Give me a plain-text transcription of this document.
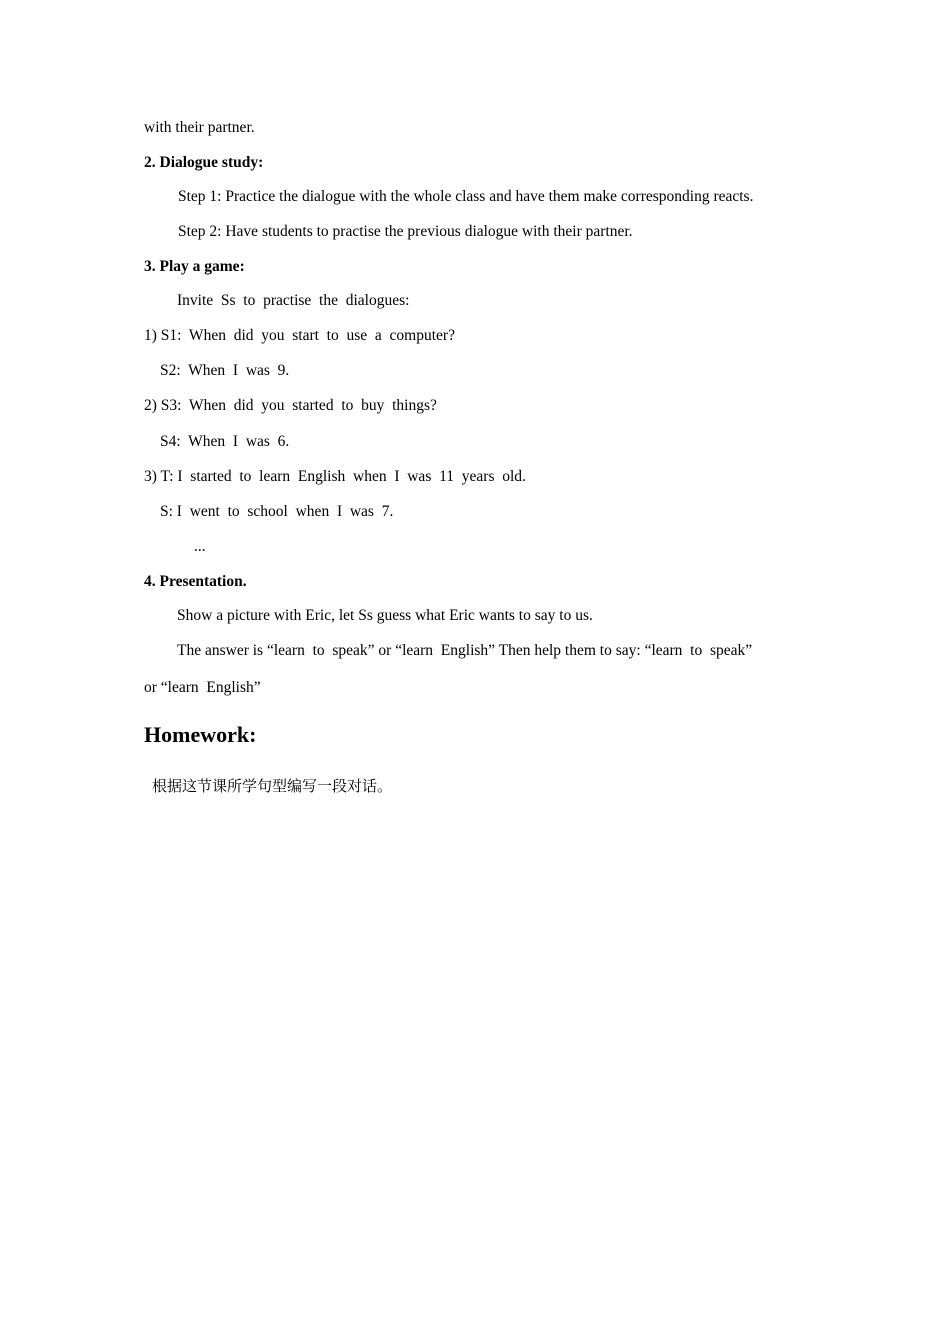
with their partner.
2. Dialogue study:
Step 1: Practice the dialogue with the whole class and have them make corresponding reacts.
Step 2: Have students to practise the previous dialogue with their partner.
3. Play a game:
Invite  Ss  to  practise  the  dialogues:
1) S1:  When  did  you  start  to  use  a  computer?
S2:  When  I  was  9.
2) S3:  When  did  you  started  to  buy  things?
S4:  When  I  was  6.
3) T: I  started  to  learn  English  when  I  was  11  years  old.
S: I  went  to  school  when  I  was  7.
...
4. Presentation.
Show a picture with Eric, let Ss guess what Eric wants to say to us.
The answer is “learn  to  speak” or “learn  English” Then help them to say: “learn  to  speak”
or “learn  English”
Homework:
根据这节课所学句型编写一段对话。
